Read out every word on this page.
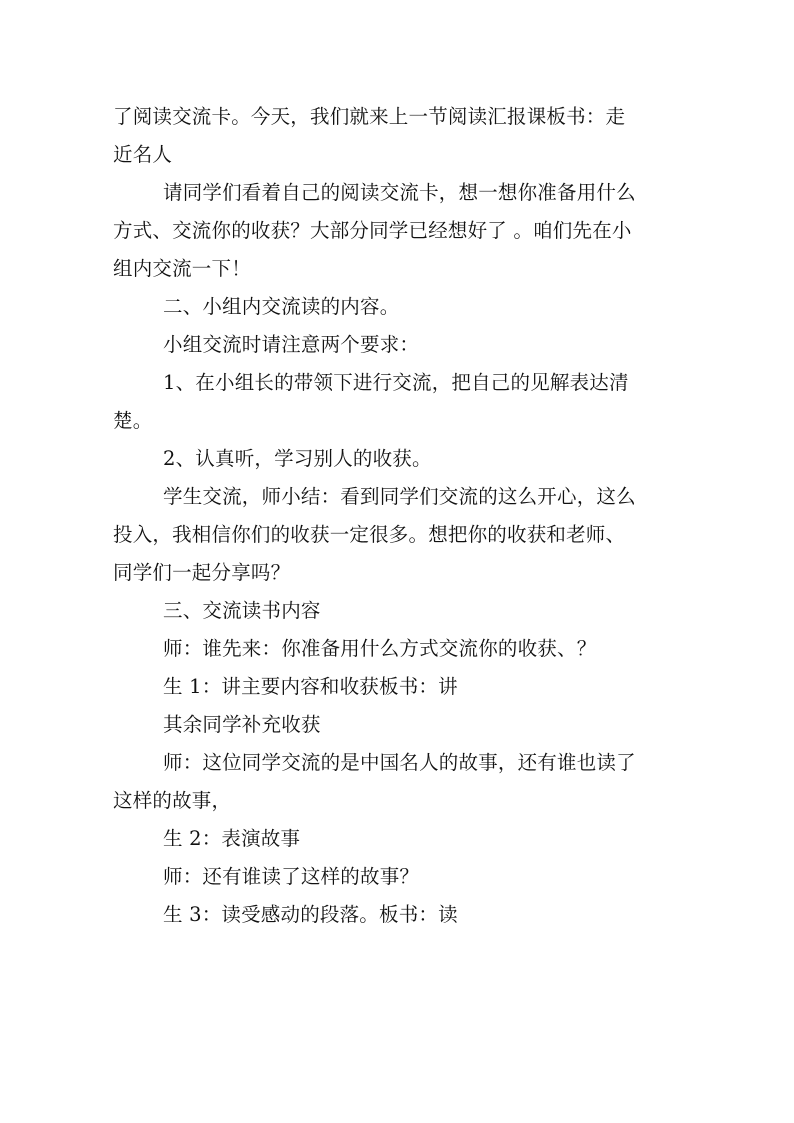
了阅读交流卡。今天，我们就来上一节阅读汇报课板书：走

近名人

请同学们看着自己的阅读交流卡，想一想你准备用什么

方式、交流你的收获？大部分同学已经想好了 。咱们先在小

组内交流一下！

二、小组内交流读的内容。

小组交流时请注意两个要求：

1、在小组长的带领下进行交流，把自己的见解表达清

楚。

2、认真听，学习别人的收获。

学生交流，师小结：看到同学们交流的这么开心，这么

投入，我相信你们的收获一定很多。想把你的收获和老师、

同学们一起分享吗？

三、交流读书内容

师：谁先来：你准备用什么方式交流你的收获、？

生 1：讲主要内容和收获板书：讲

其余同学补充收获

师：这位同学交流的是中国名人的故事，还有谁也读了

这样的故事，

生 2：表演故事

师：还有谁读了这样的故事？

生 3：读受感动的段落。板书：读
